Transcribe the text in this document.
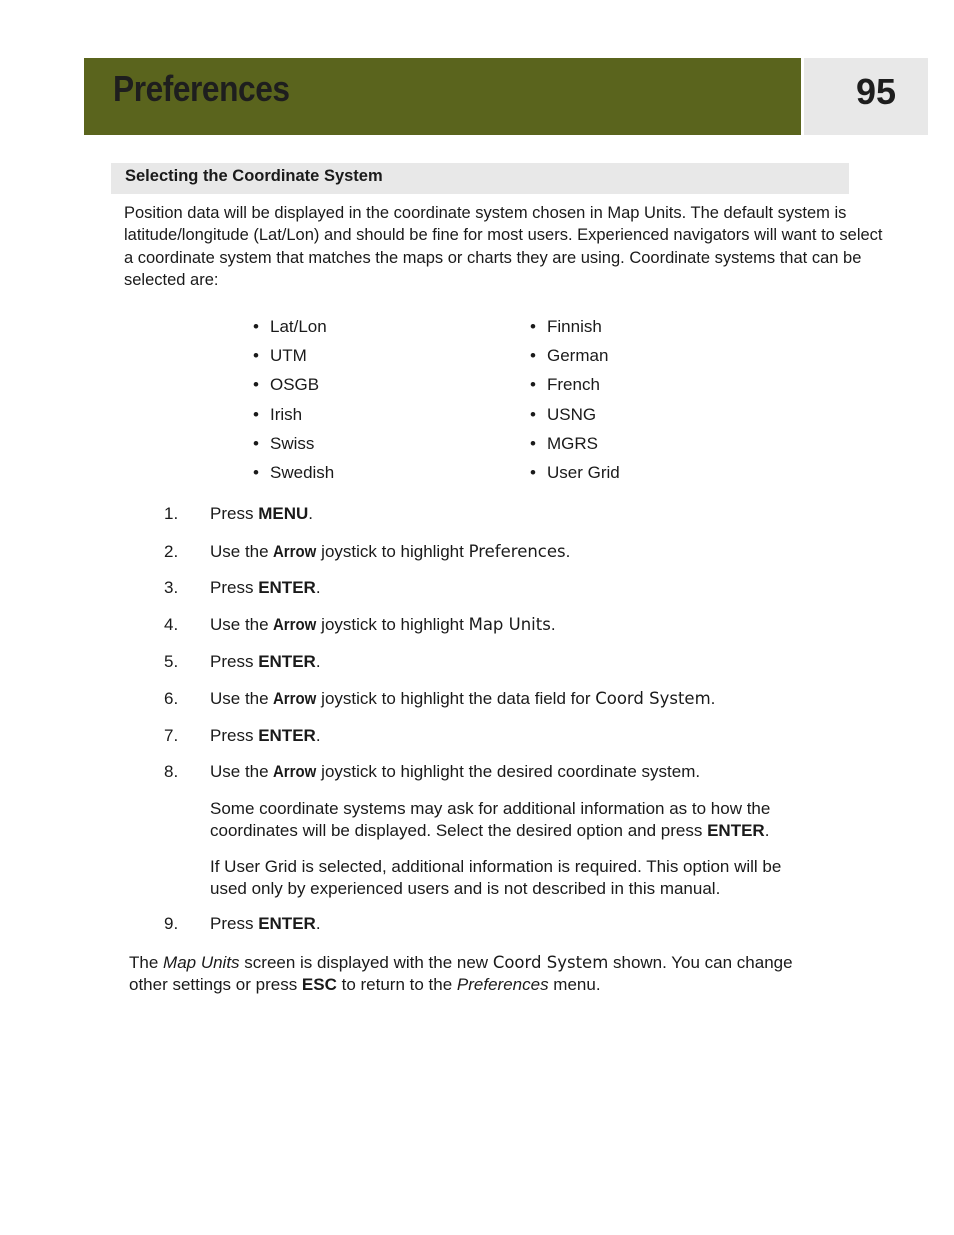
Preferences	95
Selecting the Coordinate System
Position data will be displayed in the coordinate system chosen in Map Units. The default system is latitude/longitude (Lat/Lon) and should be fine for most users. Experienced navigators will want to select a coordinate system that matches the maps or charts they are using. Coordinate systems that can be selected are:
• Lat/Lon
• UTM
• OSGB
• Irish
• Swiss
• Swedish
• Finnish
• German
• French
• USNG
• MGRS
• User Grid
1.	Press MENU.
2.	Use the Arrow joystick to highlight Preferences.
3.	Press ENTER.
4.	Use the Arrow joystick to highlight Map Units.
5.	Press ENTER.
6.	Use the Arrow joystick to highlight the data field for Coord System.
7.	Press ENTER.
8.	Use the Arrow joystick to highlight the desired coordinate system.
9.	Press ENTER.
Some coordinate systems may ask for additional information as to how the
coordinates will be displayed. Select the desired option and press ENTER.
If User Grid is selected, additional information is required. This option will be
used only by experienced users and is not described in this manual.
The Map Units screen is displayed with the new Coord System shown. You can change
other settings or press ESC to return to the Preferences menu.
